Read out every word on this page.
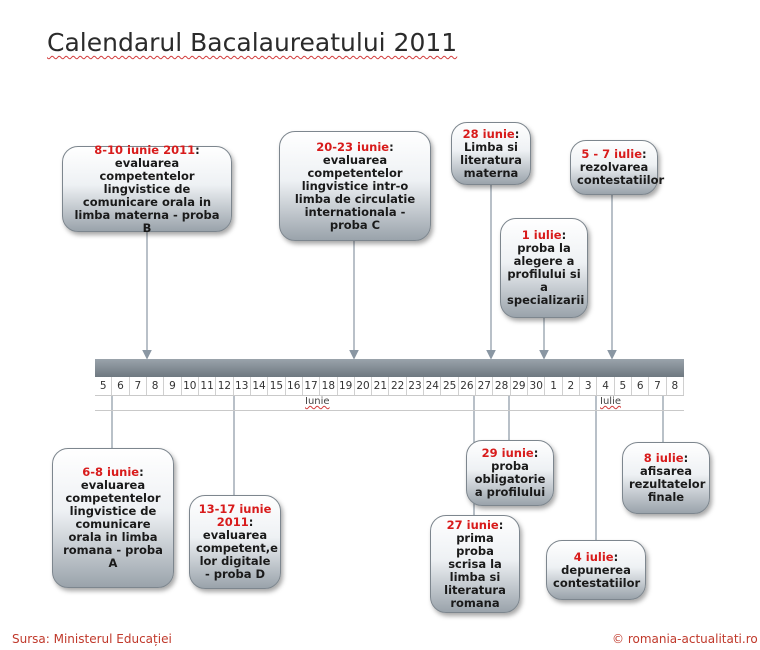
Calendarul Bacalaureatului 2011
5	6	7	8	9 10 11 12 13 14 15 16 17 18 19 20 21 22 23 24 25 26 27 28 29 30 1	2	3	4	5	6	7	8
Iunie	Iulie
8-10 iunie 2011:
evaluarea competentelor lingvistice de comunicare orala in limba materna - proba B
20-23 iunie:
evaluarea competentelor lingvistice intr-o limba de circulatie internationala - proba C
28 iunie:
Limba si literatura materna
5 - 7 iulie:
rezolvarea contestatiilor
1 iulie:
proba la alegere a profilului si a specializarii
6-8 iunie:
evaluarea competentelor lingvistice de comunicare orala in limba romana - proba A
13-17 iunie 2011:
evaluarea competent,e lor digitale - proba D
29 iunie:
proba obligatorie a profilului
27 iunie:
prima proba scrisa la limba si literatura romana
4 iulie:
depunerea contestatiilor
8 iulie:
afisarea rezultatelor finale
Sursa: Ministerul Educației	© romania-actualitati.ro
